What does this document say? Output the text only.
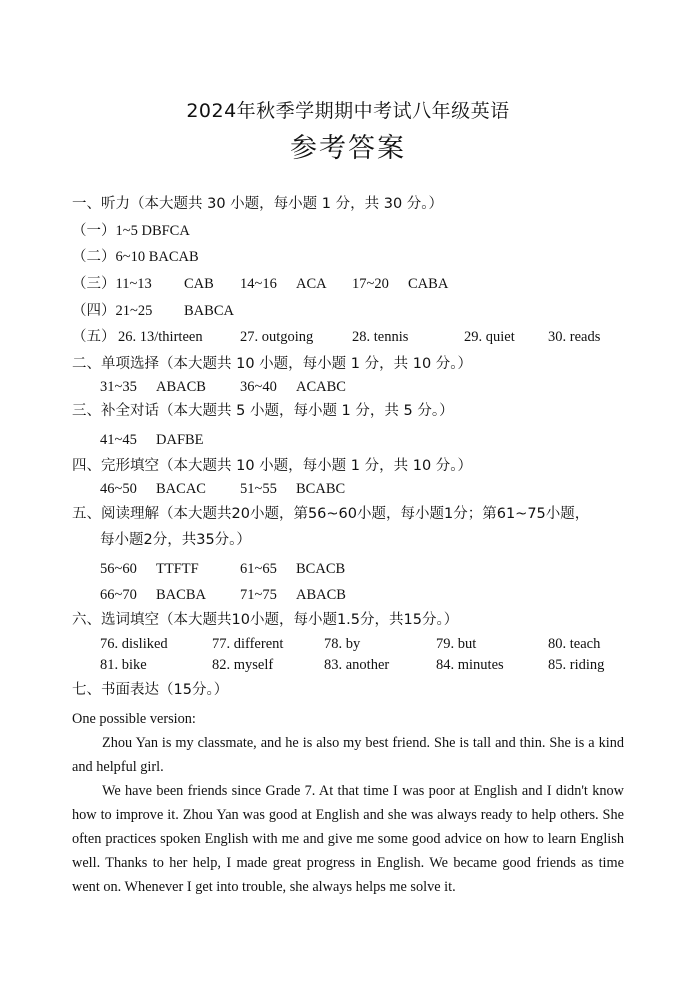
2024年秋季学期期中考试八年级英语
参考答案
一、听力（本大题共 30 小题，每小题 1 分，共 30 分。）
（一）1~5 DBFCA
（二）6~10 BACAB
（三）11~13 CAB 14~16 ACA 17~20 CABA
（四）21~25 BABCA
（五） 26. 13/thirteen	27. outgoing	28. tennis	29. quiet 30. reads
二、单项选择（本大题共 10 小题，每小题 1 分，共 10 分。）
31~35 ABACB 36~40 ACABC
三、补全对话（本大题共 5 小题，每小题 1 分，共 5 分。）
41~45 DAFBE
四、完形填空（本大题共 10 小题，每小题 1 分，共 10 分。）
46~50 BACAC 51~55 BCABC
五、阅读理解（本大题共20小题，第56~60小题，每小题1分；第61~75小题，
每小题2分，共35分。）
56~60 TTFTF	61~65 BCACB
66~70 BACBA 71~75 ABACB
六、选词填空（本大题共10小题，每小题1.5分，共15分。）
76. disliked	77. different	78. by	79. but	80. teach
81. bike	82. myself	83. another	84. minutes	85. riding
七、书面表达（15分。）

One possible version:

Zhou Yan is my classmate, and he is also my best friend. She is tall and thin. She is a kind and helpful girl.

We have been friends since Grade 7. At that time I was poor at English and I didn't know how to improve it. Zhou Yan was good at English and she was always ready to help others. She often practices spoken English with me and give me some good advice on how to learn English well. Thanks to her help, I made great progress in English. We became good friends as time went on. Whenever I get into trouble, she always helps me solve it.
